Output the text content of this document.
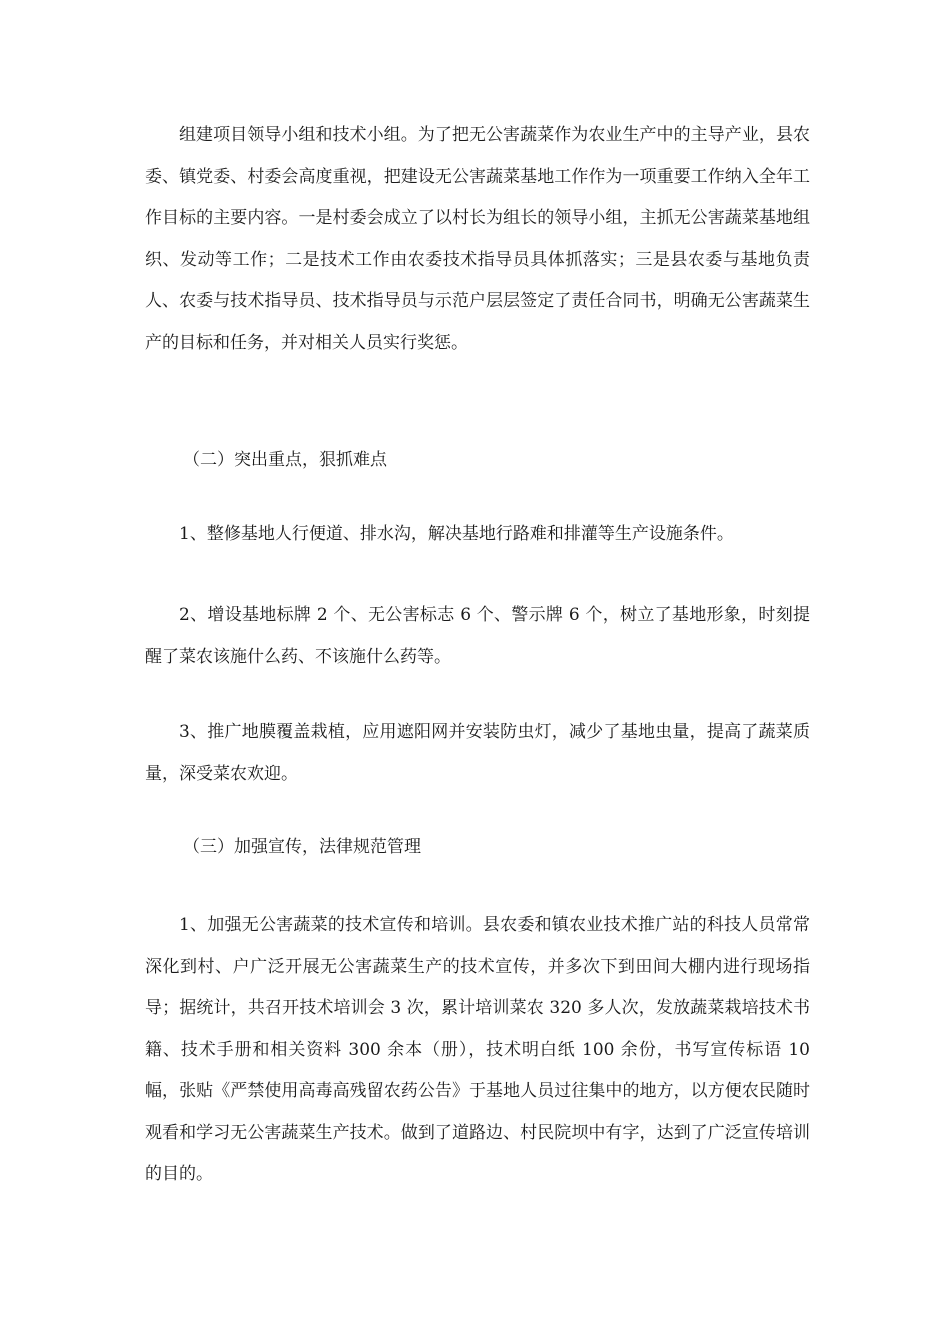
组建项目领导小组和技术小组。为了把无公害蔬菜作为农业生产中的主导产业，县农委、镇党委、村委会高度重视，把建设无公害蔬菜基地工作作为一项重要工作纳入全年工作目标的主要内容。一是村委会成立了以村长为组长的领导小组，主抓无公害蔬菜基地组织、发动等工作；二是技术工作由农委技术指导员具体抓落实；三是县农委与基地负责人、农委与技术指导员、技术指导员与示范户层层签定了责任合同书，明确无公害蔬菜生产的目标和任务，并对相关人员实行奖惩。

（二）突出重点，狠抓难点

1、整修基地人行便道、排水沟，解决基地行路难和排灌等生产设施条件。

2、增设基地标牌 2 个、无公害标志 6 个、警示牌 6 个，树立了基地形象，时刻提醒了菜农该施什么药、不该施什么药等。

3、推广地膜覆盖栽植，应用遮阳网并安装防虫灯，减少了基地虫量，提高了蔬菜质量，深受菜农欢迎。

（三）加强宣传，法律规范管理

1、加强无公害蔬菜的技术宣传和培训。县农委和镇农业技术推广站的科技人员常常深化到村、户广泛开展无公害蔬菜生产的技术宣传，并多次下到田间大棚内进行现场指导；据统计，共召开技术培训会 3 次，累计培训菜农 320 多人次，发放蔬菜栽培技术书籍、技术手册和相关资料 300 余本（册），技术明白纸 100 余份，书写宣传标语 10 幅，张贴《严禁使用高毒高残留农药公告》于基地人员过往集中的地方，以方便农民随时观看和学习无公害蔬菜生产技术。做到了道路边、村民院坝中有字，达到了广泛宣传培训的目的。
